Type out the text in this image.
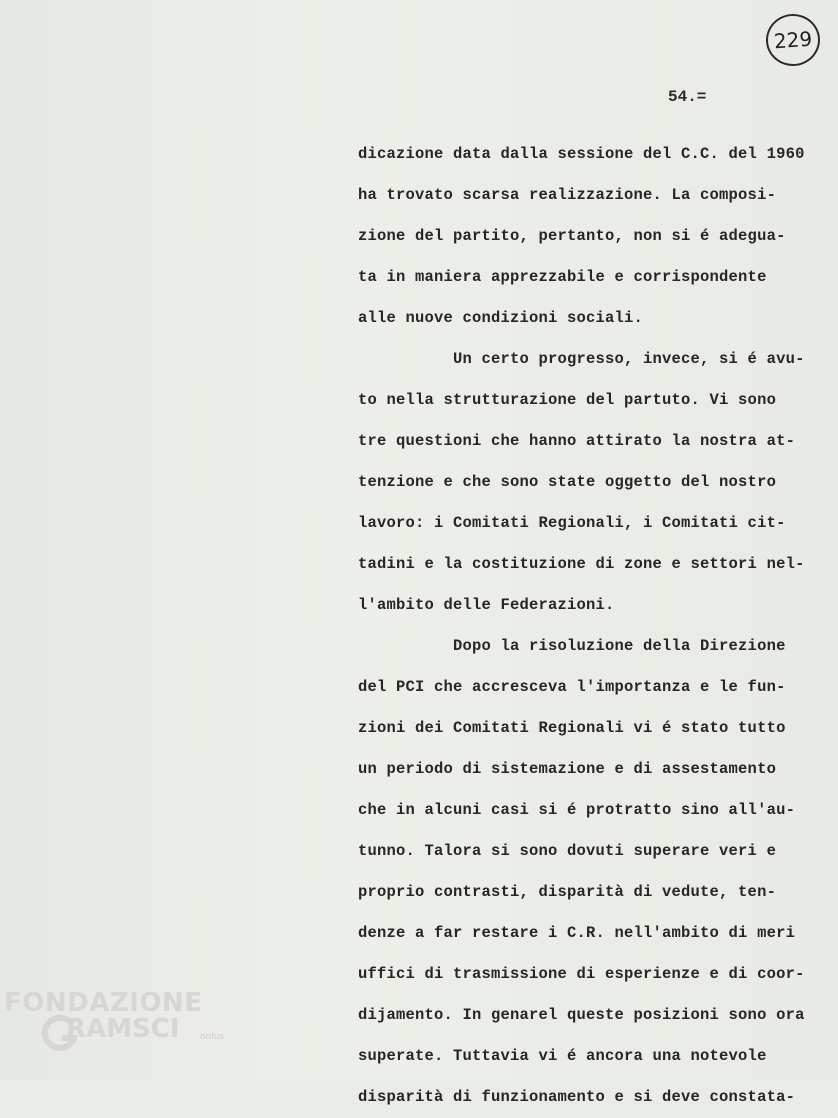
229
54.=
dicazione data dalla sessione del C.C. del 1960
ha trovato scarsa realizzazione. La composi-
zione del partito, pertanto, non si é adegua-
ta in maniera apprezzabile e corrispondente
alle nuove condizioni sociali.
Un certo progresso, invece, si é avu-
to nella strutturazione del partuto. Vi sono
tre questioni che hanno attirato la nostra at-
tenzione e che sono state oggetto del nostro
lavoro: i Comitati Regionali, i Comitati cit-
tadini e la costituzione di zone e settori nel-
l'ambito delle Federazioni.
Dopo la risoluzione della Direzione
del PCI che accresceva l'importanza e le fun-
zioni dei Comitati Regionali vi é stato tutto
un periodo di sistemazione e di assestamento
che in alcuni casi si é protratto sino all'au-
tunno. Talora si sono dovuti superare veri e
proprio contrasti, disparità di vedute, ten-
denze a far restare i C.R. nell'ambito di meri
uffici di trasmissione di esperienze e di coor-
dijamento. In genarel queste posizioni sono ora
superate. Tuttavia vi é ancora una notevole
disparità di funzionamento e si deve constata-
FONDAZIONE
RAMSCI	onlus
